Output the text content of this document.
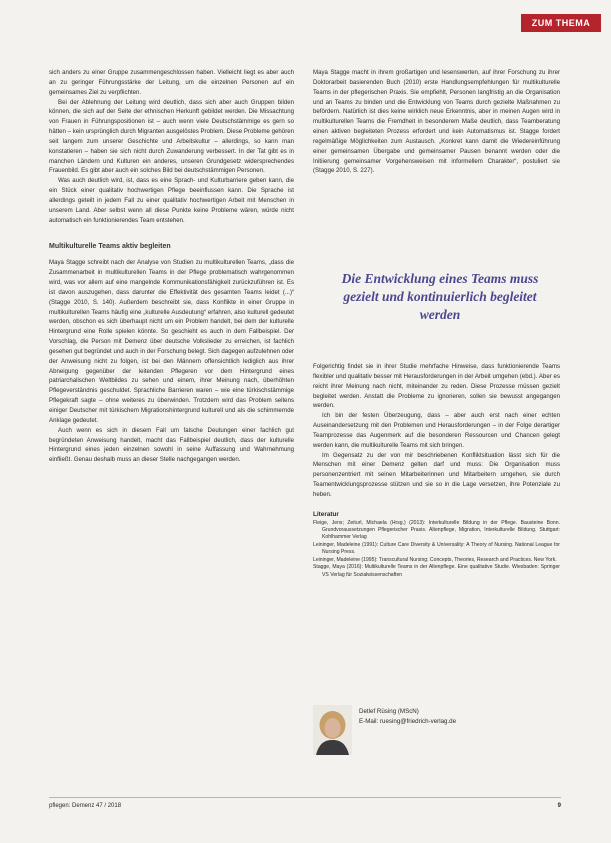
ZUM THEMA

sich anders zu einer Gruppe zusammengeschlossen haben. Vielleicht liegt es aber auch an zu geringer Führungsstärke der Leitung, um die einzelnen Personen auf ein gemeinsames Ziel zu verpflichten.

Bei der Ablehnung der Leitung wird deutlich, dass sich aber auch Gruppen bilden können, die sich auf der Seite der ethnischen Herkunft gebildet werden. Die Missachtung von Frauen in Führungspositionen ist – auch wenn viele Deutschstämmige es gern so hätten – kein ursprünglich durch Migranten ausgelöstes Problem. Diese Probleme gehören seit langem zum unserer Geschichte und Arbeitskultur – allerdings, so kann man konstatieren – haben sie sich nicht durch Zuwanderung verbessert. In der Tat gibt es in manchen Ländern und Kulturen ein anderes, unseren Grundgesetz widersprechendes Frauenbild. Es gibt aber auch ein solches Bild bei deutschstämmigen Personen.

Was auch deutlich wird, ist, dass es eine Sprach- und Kulturbarriere geben kann, die ein Stück einer qualitativ hochwertigen Pflege beeinflussen kann. Die Sprache ist allerdings geteilt in jedem Fall zu einer qualitativ hochwertigen Arbeit mit Menschen in unserem Land. Aber selbst wenn all diese Punkte keine Probleme wären, würde nicht automatisch ein funktionierendes Team entstehen.

Multikulturelle Teams aktiv begleiten

Maya Stagge schreibt nach der Analyse von Studien zu multikulturellen Teams, „dass die Zusammenarbeit in multikulturellen Teams in der Pflege problematisch wahrgenommen wird, was vor allem auf eine mangelnde Kommunikationsfähigkeit zurückzuführen ist. Es ist davon auszugehen, dass darunter die Effektivität des gesamten Teams leidet (...)“ (Stagge 2010, S. 140). Außerdem beschreibt sie, dass Konflikte in einer Gruppe in multikulturellen Teams häufig eine „kulturelle Ausdeutung“ erfahren, also kulturell gedeutet werden, obschon es sich überhaupt nicht um ein Problem handelt, bei dem der kulturelle Hintergrund eine Rolle spielen könnte. So geschieht es auch in dem Fallbeispiel. Der Vorschlag, die Person mit Demenz über deutsche Volkslieder zu erreichen, ist fachlich gesehen gut begründet und auch in der Forschung belegt. Sich dagegen aufzulehnen oder der Anweisung nicht zu folgen, ist bei den Männern offensichtlich lediglich aus ihrer Abneigung gegenüber der leitenden Pflegeren vor dem Hintergrund eines patriarchalischen Weltbildes zu sehen und einem, ihrer Meinung nach, überhöhten Pflegeverständnis geschuldet. Sprachliche Barrieren waren – wie eine türkischstämmige Pflegekraft sagte – ohne weiteres zu überwinden. Trotzdem wird das Problem seitens einiger Deutscher mit türkischem Migrationshintergrund kulturell und als die schimmernde Anklage gedeutet.

Auch wenn es sich in diesem Fall um falsche Deutungen einer fachlich gut begründeten Anweisung handelt, macht das Fallbeispiel deutlich, dass der kulturelle Hintergrund eines jeden einzelnen sowohl in seine Auffassung und Wahrnehmung einfließt. Genau deshalb muss an dieser Stelle nachgegangen werden.

Maya Stagge macht in ihrem großartigen und lesenswerten, auf ihrer Forschung zu ihrer Doktorarbeit basierenden Buch (2010) erste Handlungsempfehlungen für multikulturelle Teams in der pflegerischen Praxis. Sie empfiehlt, Personen langfristig an die Organisation und an Teams zu binden und die Entwicklung von Teams durch gezielte Maßnahmen zu befördern. Natürlich ist dies keine wirklich neue Erkenntnis, aber in meinen Augen wird in multikulturellen Teams die Fremdheit in besonderem Maße deutlich, dass Teamberatung einen aktiven begleiteten Prozess erfordert und kein Automatismus ist. Stagge fordert regelmäßige Möglichkeiten zum Austausch. „Konkret kann damit die Wiedereinführung einer gemeinsamen Übergabe und gemeinsamer Pausen benannt werden oder die Initiierung gemeinsamer Vorgehensweisen mit informellem Charakter“, postuliert sie (Stagge 2010, S. 227).

Die Entwicklung eines Teams muss gezielt und kontinuierlich begleitet werden

Folgerichtig findet sie in ihrer Studie mehrfache Hinweise, dass funktionierende Teams flexibler und qualitativ besser mit Herausforderungen in der Arbeit umgehen (ebd.). Aber es reicht ihrer Meinung nach nicht, miteinander zu reden. Diese Prozesse müssen gezielt begleitet werden. Anstatt die Probleme zu ignorieren, sollen sie bewusst angegangen werden.

Ich bin der festen Überzeugung, dass – aber auch erst nach einer echten Auseinandersetzung mit den Problemen und Herausforderungen – in der Folge derartiger Teamprozesse das Augenmerk auf die besonderen Ressourcen und Chancen gelegt werden kann, die multikulturelle Teams mit sich bringen.

Im Gegensatz zu der von mir beschriebenen Konfliktsituation lässt sich für die Menschen mit einer Demenz gelten darf und muss: Die Organisation muss personenzentriert mit seinen Mitarbeiterinnen und Mitarbeitern umgehen, sie durch Teamentwicklungsprozesse stützen und sie so in die Lage versetzen, ihre Potenziale zu heben.

Literatur

Fleige, Jens; Zeiturl, Michaela (Hrsg.) (2013): Interkulturelle Bildung in der Pflege. Bausteine Bonn. Grundvoraussetzungen Pflegerischer Praxis. Altenpflege, Migration, Interkulturelle Bildung. Stuttgart: Kohlhammer Verlag

Leininger, Madeleine (1991): Culture Care Diversity & Universality: A Theory of Nursing. National League for Nursing Press.

Leininger, Madeleine (1995): Transcultural Nursing: Concepts, Theories, Research and Practices. New York.

Stagge, Maya (2016): Multikulturelle Teams in der Altenpflege. Eine qualitative Studie. Wiesbaden: Springer VS Verlag für Sozialwissenschaften

Detlef Rüsing (MScN)
E-Mail: ruesing@friedrich-verlag.de
pflegen: Demenz 47 / 2018	9
